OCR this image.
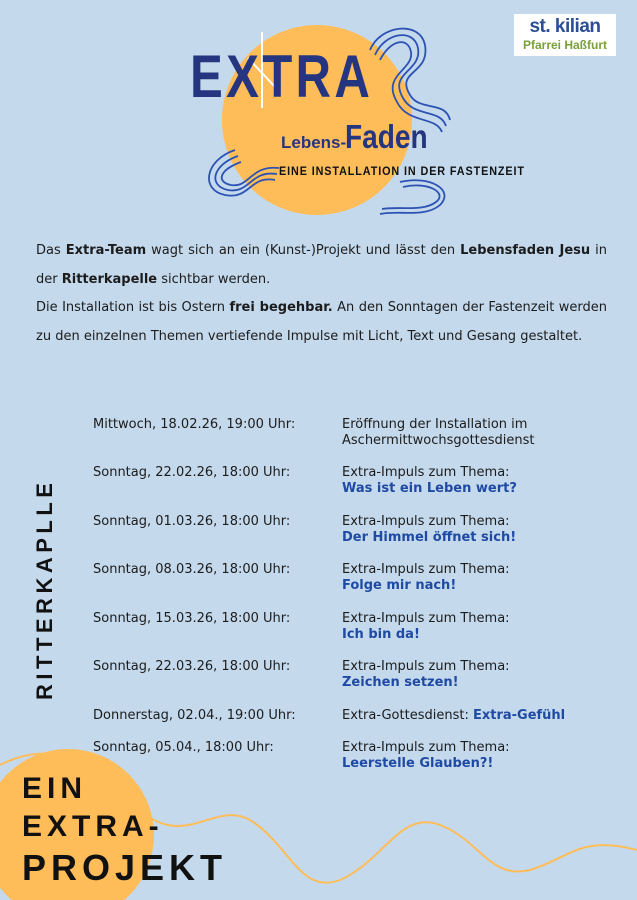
st. kilian
Pfarrei Haßfurt
EXTRA
Lebens-
Faden
EINE INSTALLATION IN DER FASTENZEIT

Das Extra-Team wagt sich an ein (Kunst-)Projekt und lässt den Lebensfaden Jesu in der Ritterkapelle sichtbar werden.

Die Installation ist bis Ostern frei begehbar. An den Sonntagen der Fastenzeit werden zu den einzelnen Themen vertiefende Impulse mit Licht, Text und Gesang gestaltet.

RITTERKAPLLE
Mittwoch, 18.02.26, 19:00 Uhr:	Eröffnung der Installation im
Aschermittwochsgottesdienst
Sonntag, 22.02.26, 18:00 Uhr:	Extra-Impuls zum Thema:
Was ist ein Leben wert?
Sonntag, 01.03.26, 18:00 Uhr:	Extra-Impuls zum Thema:
Der Himmel öffnet sich!
Sonntag, 08.03.26, 18:00 Uhr:	Extra-Impuls zum Thema:
Folge mir nach!
Sonntag, 15.03.26, 18:00 Uhr:	Extra-Impuls zum Thema:
Ich bin da!
Sonntag, 22.03.26, 18:00 Uhr:	Extra-Impuls zum Thema:
Zeichen setzen!
Donnerstag, 02.04., 19:00 Uhr:	Extra-Gottesdienst: Extra-Gefühl
Sonntag, 05.04., 18:00 Uhr:	Extra-Impuls zum Thema:
Leerstelle Glauben?!
EIN
EXTRA-
PROJEKT
